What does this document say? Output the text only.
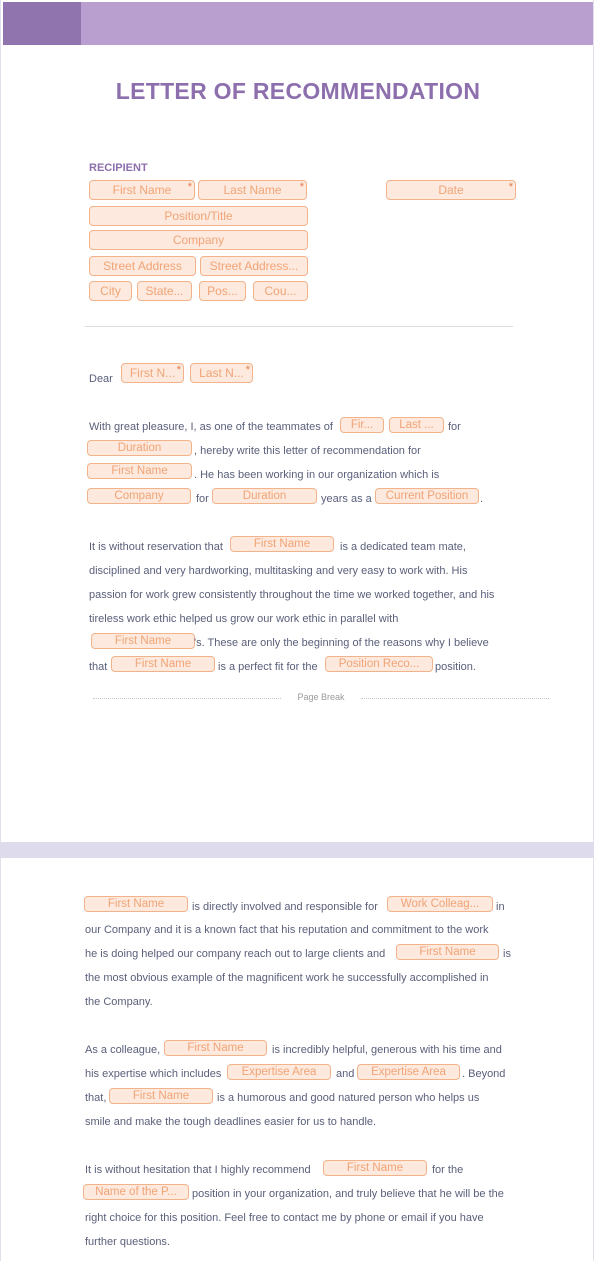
LETTER OF RECOMMENDATION
RECIPIENT
First Name *	Last Name *	Date	*
Position/Title
Company
Street Address	Street Address...
City	State...	Pos...	Cou...
Dear	First N... *	Last N... *
With great pleasure, I, as one of the teammates of	Fir...	Last ...	for
Duration	, hereby write this letter of recommendation for
First Name	. He has been working in our organization which is
Company	for	Duration	years as a	Current Position	.
It is without reservation that	First Name	is a dedicated team mate,
disciplined and very hardworking, multitasking and very easy to work with. His
passion for work grew consistently throughout the time we worked together, and his
tireless work ethic helped us grow our work ethic in parallel with
First Name	's. These are only the beginning of the reasons why I believe
that	First Name	is a perfect fit for the	Position Reco...	position.
Page Break
First Name	is directly involved and responsible for	Work Colleag...	in
our Company and it is a known fact that his reputation and commitment to the work
he is doing helped our company reach out to large clients and	First Name	is
the most obvious example of the magnificent work he successfully accomplished in
the Company.
As a colleague,	First Name	is incredibly helpful, generous with his time and
his expertise which includes	Expertise Area	and	Expertise Area	. Beyond
that,	First Name	is a humorous and good natured person who helps us
smile and make the tough deadlines easier for us to handle.
It is without hesitation that I highly recommend	First Name	for the
Name of the P...	position in your organization, and truly believe that he will be the
right choice for this position. Feel free to contact me by phone or email if you have
further questions.
